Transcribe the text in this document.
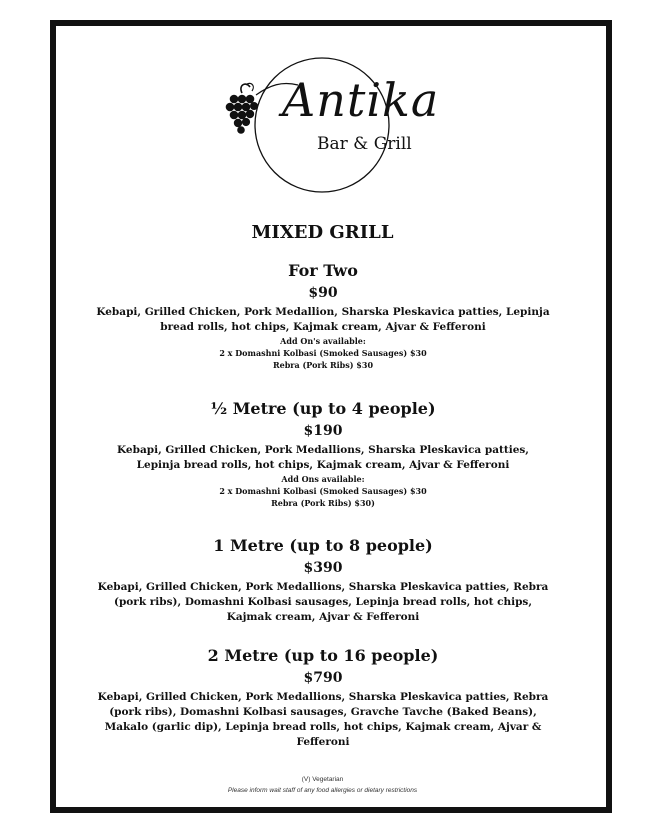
Antika
Bar & Grill
MIXED GRILL
For Two
$90
Kebapi, Grilled Chicken, Pork Medallion, Sharska Pleskavica patties, Lepinja bread rolls, hot chips, Kajmak cream, Ajvar & Fefferoni
Add On's available:
2 x Domashni Kolbasi (Smoked Sausages) $30
Rebra (Pork Ribs) $30
½ Metre (up to 4 people)
$190
Kebapi, Grilled Chicken, Pork Medallions, Sharska Pleskavica patties, Lepinja bread rolls, hot chips, Kajmak cream, Ajvar & Fefferoni
Add Ons available:
2 x Domashni Kolbasi (Smoked Sausages) $30
Rebra (Pork Ribs) $30)
1 Metre (up to 8 people)
$390
Kebapi, Grilled Chicken, Pork Medallions, Sharska Pleskavica patties, Rebra (pork ribs), Domashni Kolbasi sausages, Lepinja bread rolls, hot chips, Kajmak cream, Ajvar & Fefferoni
2 Metre (up to 16 people)
$790
Kebapi, Grilled Chicken, Pork Medallions, Sharska Pleskavica patties, Rebra (pork ribs), Domashni Kolbasi sausages, Gravche Tavche (Baked Beans), Makalo (garlic dip), Lepinja bread rolls, hot chips, Kajmak cream, Ajvar & Fefferoni
(V) Vegetarian
Please inform wait staff of any food allergies or dietary restrictions
